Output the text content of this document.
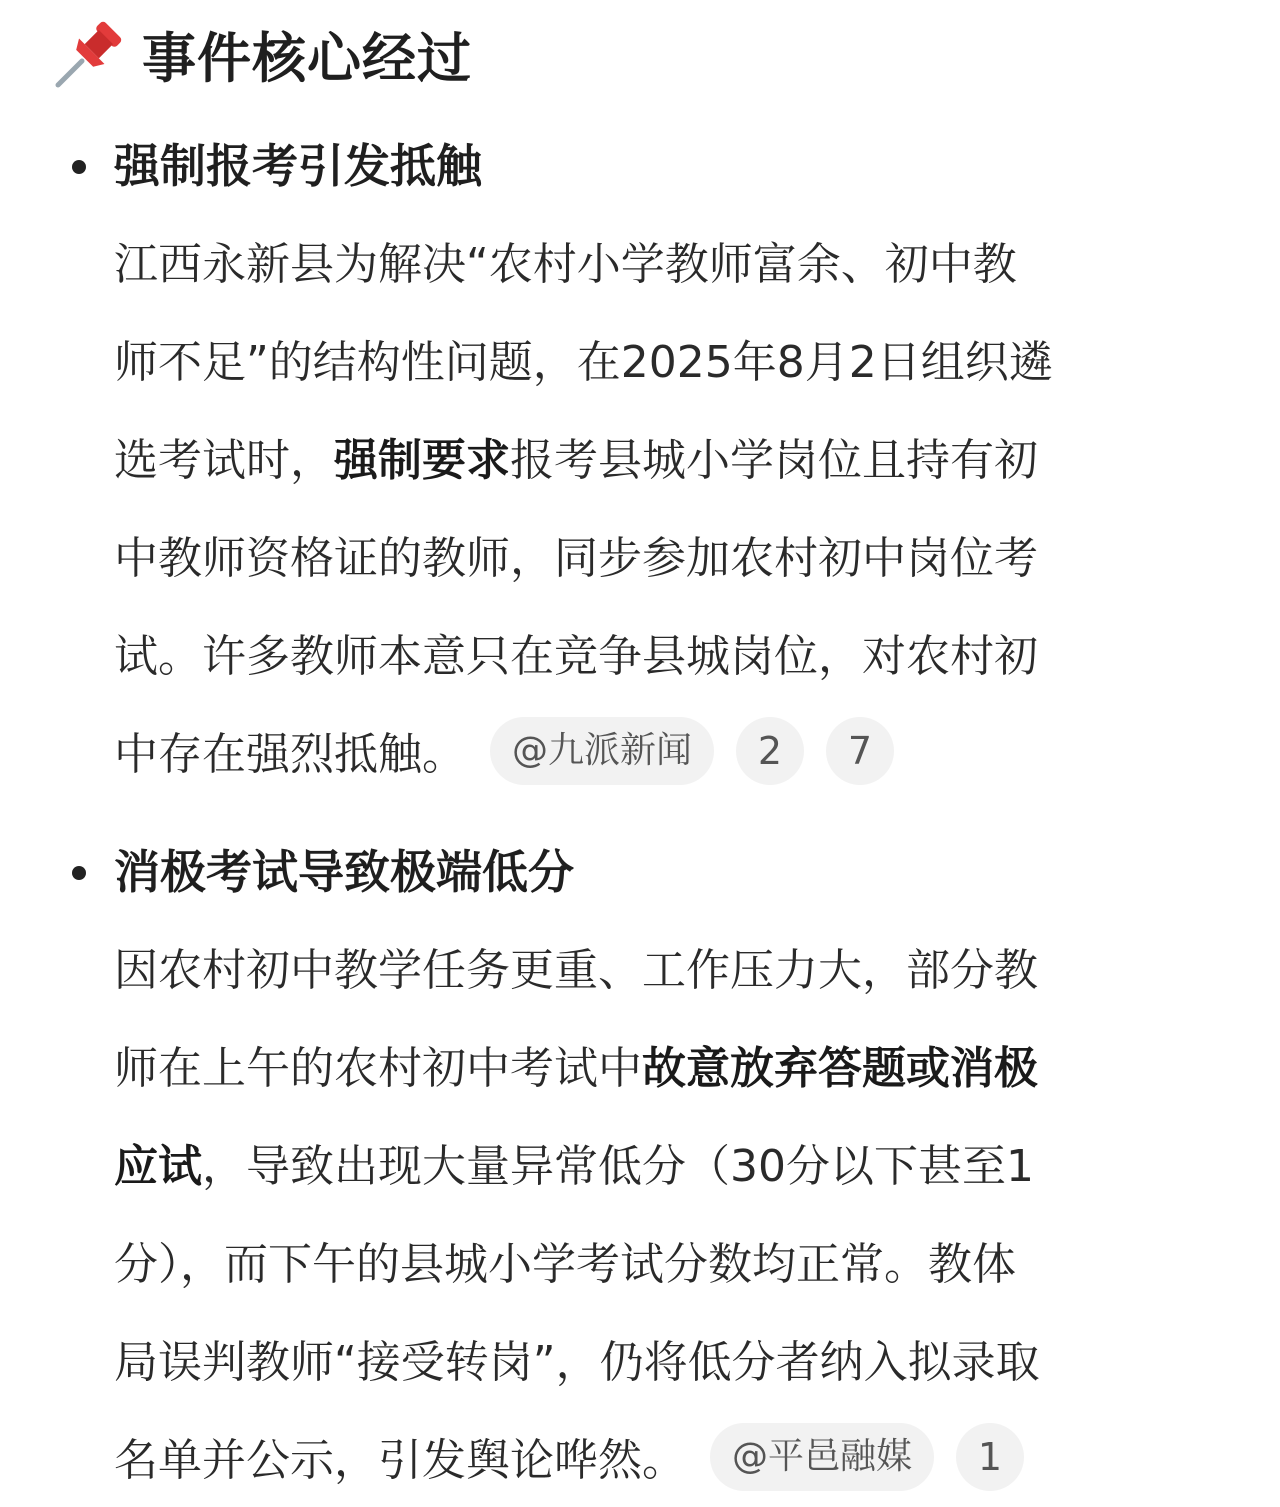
事件核心经过
强制报考引发抵触
江西永新县为解决“农村小学教师富余、初中教
师不足”的结构性问题，在2025年8月2日组织遴
选考试时，强制要求报考县城小学岗位且持有初
中教师资格证的教师，同步参加农村初中岗位考
试。许多教师本意只在竞争县城岗位，对农村初
中存在强烈抵触。 @九派新闻 2 7
消极考试导致极端低分
因农村初中教学任务更重、工作压力大，部分教
师在上午的农村初中考试中故意放弃答题或消极
应试，导致出现大量异常低分（30分以下甚至1
分），而下午的县城小学考试分数均正常。教体
局误判教师“接受转岗”，仍将低分者纳入拟录取
名单并公示，引发舆论哗然。 @平邑融媒 1
